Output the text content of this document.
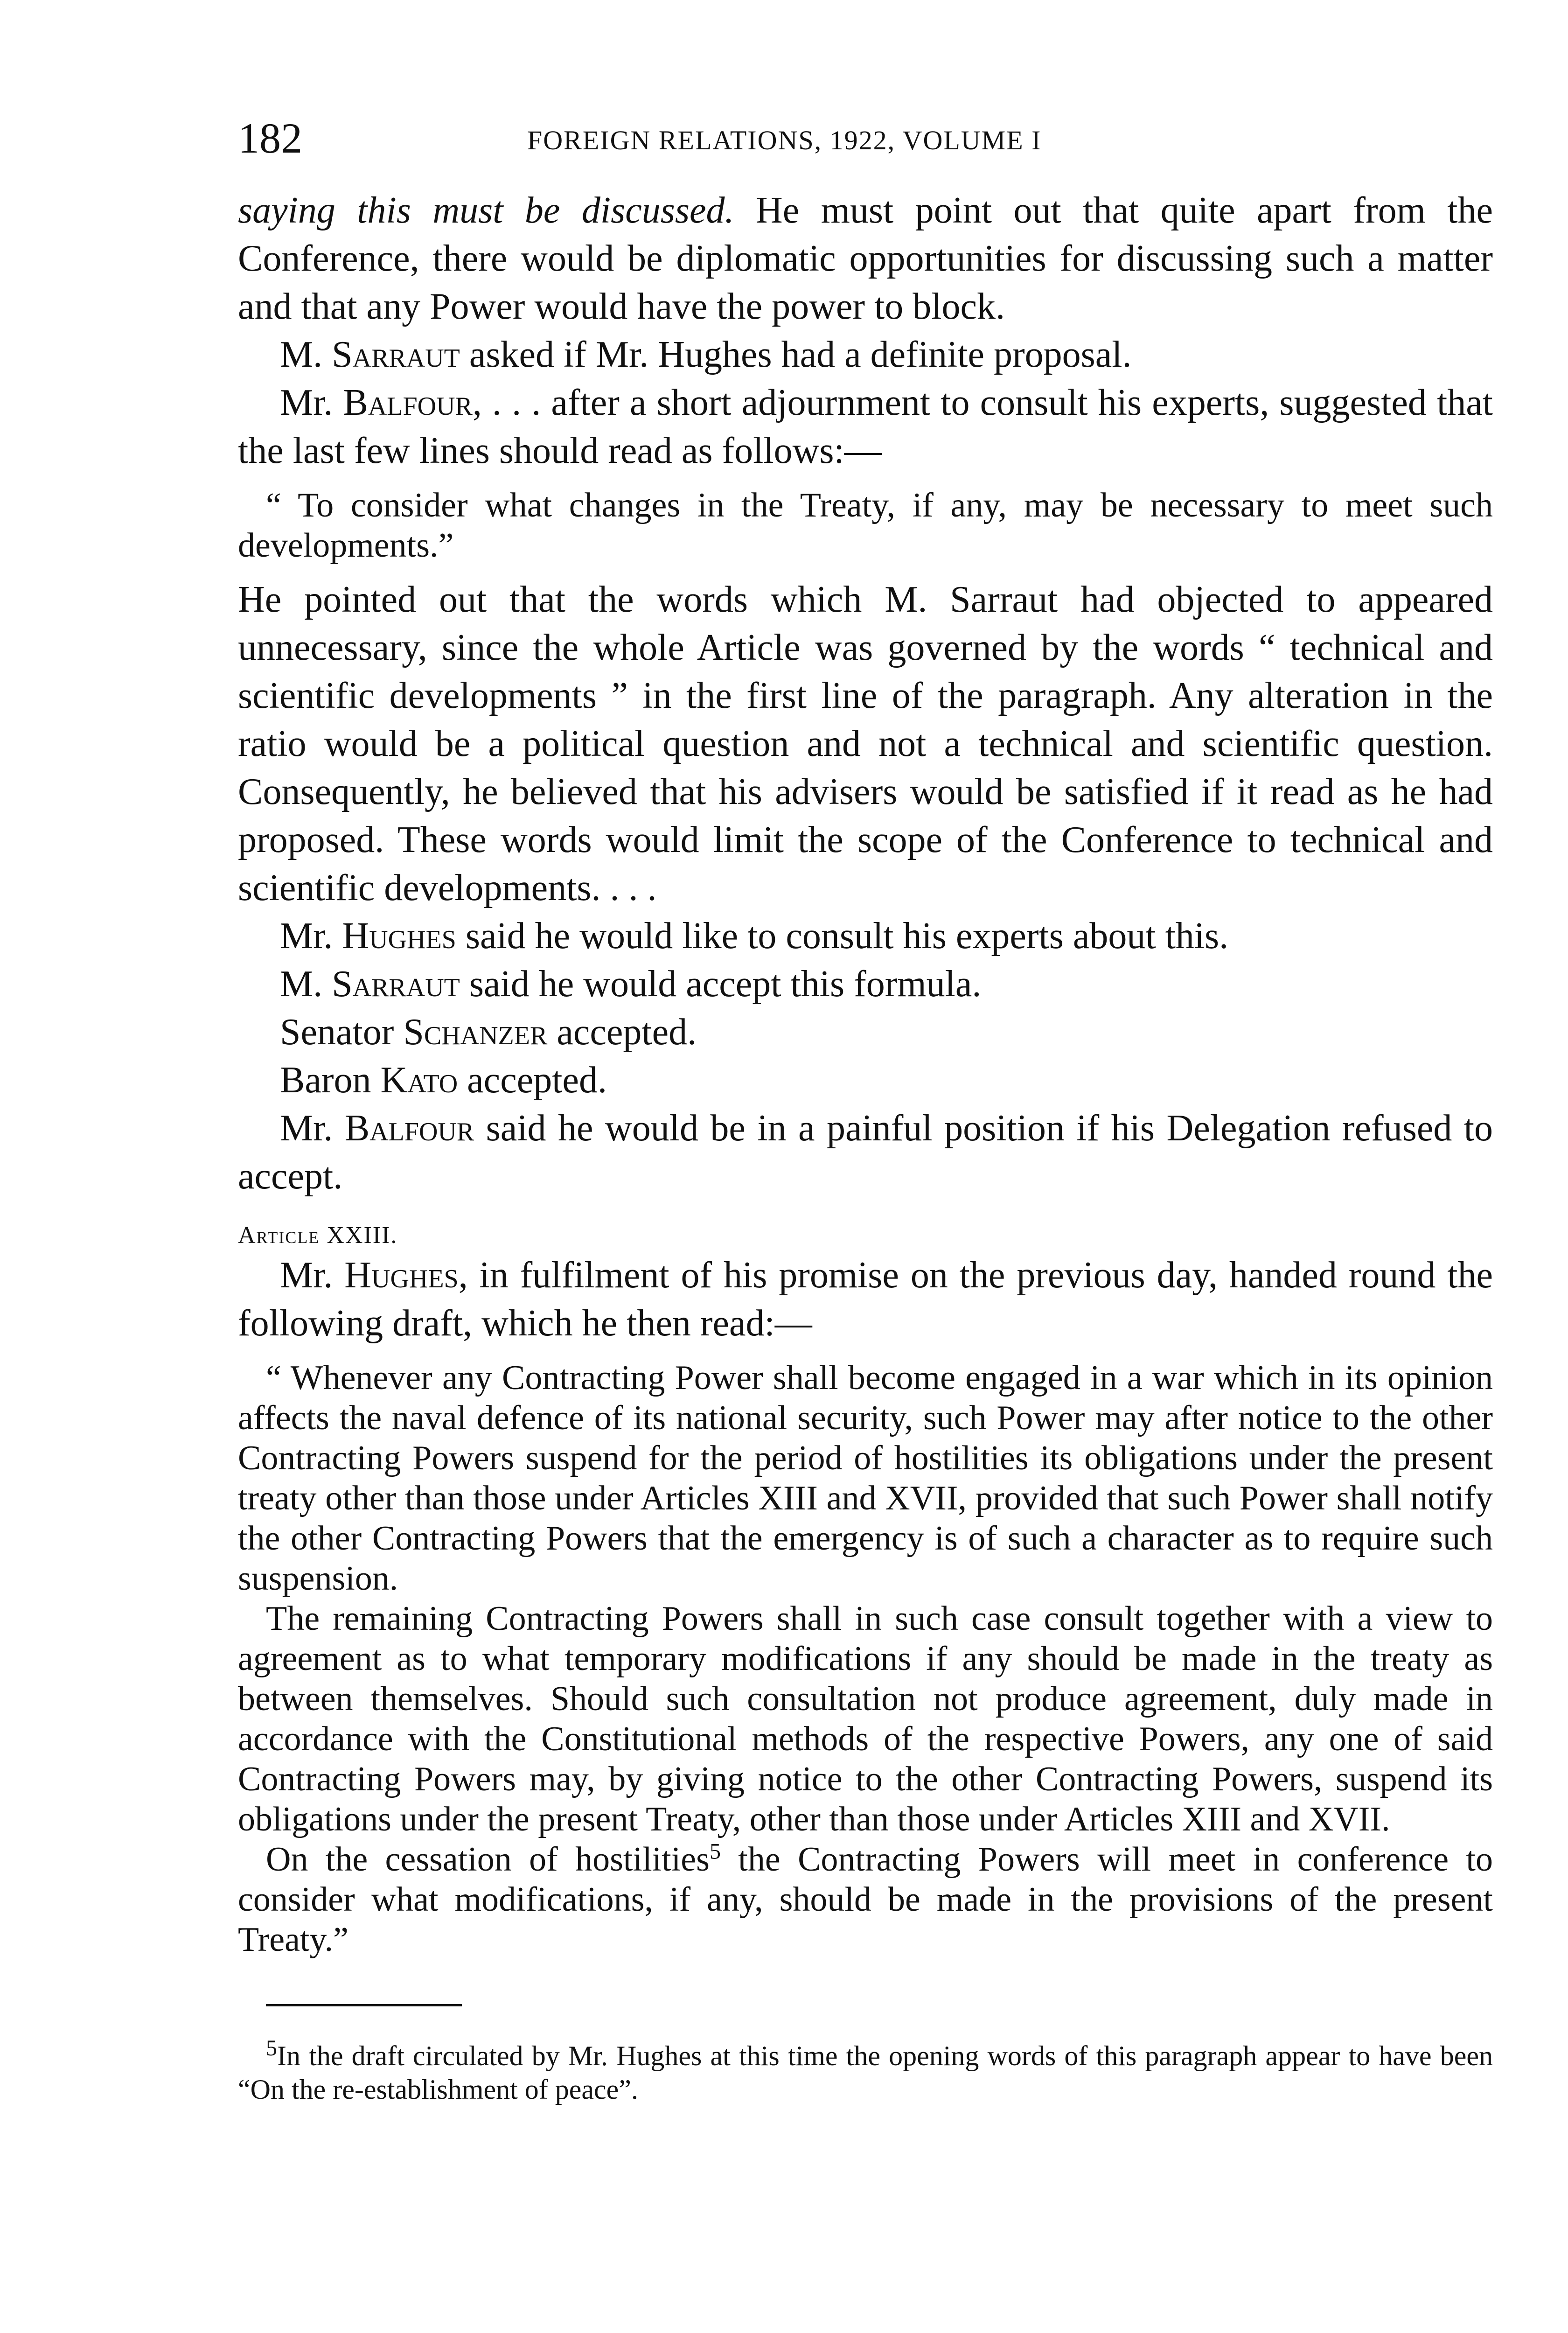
182	FOREIGN RELATIONS, 1922, VOLUME I

saying this must be discussed. He must point out that quite apart from the Conference, there would be diplomatic opportunities for discussing such a matter and that any Power would have the power to block.

M. Sarraut asked if Mr. Hughes had a definite proposal.

Mr. Balfour, . . . after a short adjournment to consult his experts, suggested that the last few lines should read as follows:—

“ To consider what changes in the Treaty, if any, may be necessary to meet such developments.”

He pointed out that the words which M. Sarraut had objected to appeared unnecessary, since the whole Article was governed by the words “ technical and scientific developments ” in the first line of the paragraph. Any alteration in the ratio would be a political question and not a technical and scientific question. Consequently, he believed that his advisers would be satisfied if it read as he had proposed. These words would limit the scope of the Conference to technical and scientific developments. . . .

Mr. Hughes said he would like to consult his experts about this.

M. Sarraut said he would accept this formula.

Senator Schanzer accepted.

Baron Kato accepted.

Mr. Balfour said he would be in a painful position if his Delegation refused to accept.

Article XXIII.

Mr. Hughes, in fulfilment of his promise on the previous day, handed round the following draft, which he then read:—

“ Whenever any Contracting Power shall become engaged in a war which in its opinion affects the naval defence of its national security, such Power may after notice to the other Contracting Powers suspend for the period of hostilities its obligations under the present treaty other than those under Articles XIII and XVII, provided that such Power shall notify the other Contracting Powers that the emergency is of such a character as to require such suspension.

The remaining Contracting Powers shall in such case consult together with a view to agreement as to what temporary modifications if any should be made in the treaty as between themselves. Should such consultation not produce agreement, duly made in accordance with the Constitutional methods of the respective Powers, any one of said Contracting Powers may, by giving notice to the other Contracting Powers, suspend its obligations under the present Treaty, other than those under Articles XIII and XVII.

On the cessation of hostilities$^5$ the Contracting Powers will meet in conference to consider what modifications, if any, should be made in the provisions of the present Treaty.”

$^5$In the draft circulated by Mr. Hughes at this time the opening words of this paragraph appear to have been “On the re-establishment of peace”.
